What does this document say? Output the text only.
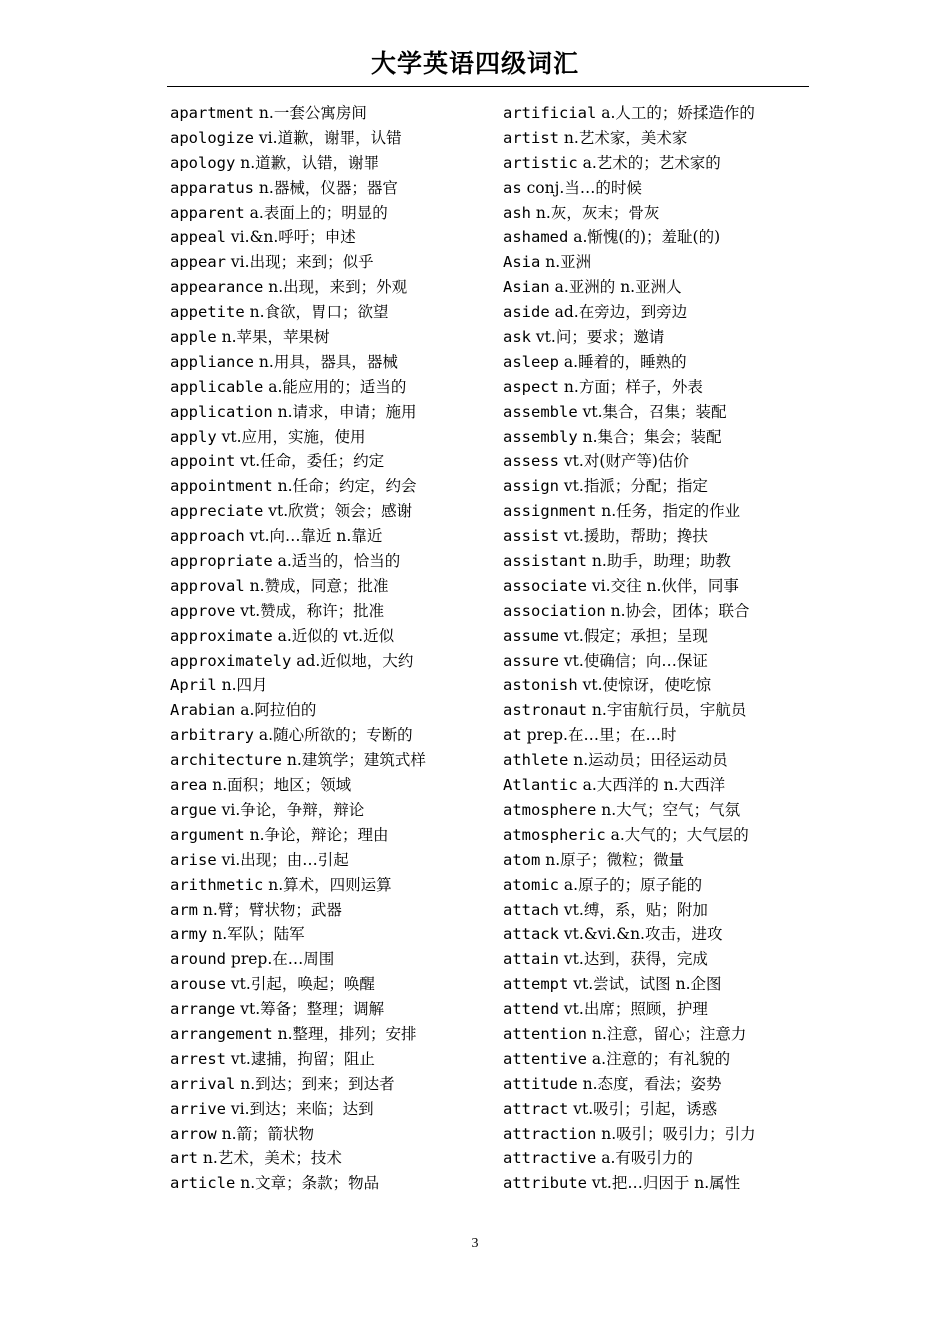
大学英语四级词汇
apartment n.一套公寓房间
apologize vi.道歉，谢罪，认错
apology n.道歉，认错，谢罪
apparatus n.器械，仪器；器官
apparent a.表面上的；明显的
appeal vi.&n.呼吁；申述
appear vi.出现；来到；似乎
appearance n.出现，来到；外观
appetite n.食欲，胃口；欲望
apple n.苹果，苹果树
appliance n.用具，器具，器械
applicable a.能应用的；适当的
application n.请求，申请；施用
apply vt.应用，实施，使用
appoint vt.任命，委任；约定
appointment n.任命；约定，约会
appreciate vt.欣赏；领会；感谢
approach vt.向…靠近 n.靠近
appropriate a.适当的，恰当的
approval n.赞成，同意；批准
approve vt.赞成，称许；批准
approximate a.近似的 vt.近似
approximately ad.近似地，大约
April n.四月
Arabian a.阿拉伯的
arbitrary a.随心所欲的；专断的
architecture n.建筑学；建筑式样
area n.面积；地区；领域
argue vi.争论，争辩，辩论
argument n.争论，辩论；理由
arise vi.出现；由…引起
arithmetic n.算术，四则运算
arm n.臂；臂状物；武器
army n.军队；陆军
around prep.在…周围
arouse vt.引起，唤起；唤醒
arrange vt.筹备；整理；调解
arrangement n.整理，排列；安排
arrest vt.逮捕，拘留；阻止
arrival n.到达；到来；到达者
arrive vi.到达；来临；达到
arrow n.箭；箭状物
art n.艺术，美术；技术
article n.文章；条款；物品
artificial a.人工的；娇揉造作的
artist n.艺术家，美术家
artistic a.艺术的；艺术家的
as conj.当…的时候
ash n.灰，灰末；骨灰
ashamed a.惭愧(的)；羞耻(的)
Asia n.亚洲
Asian a.亚洲的 n.亚洲人
aside ad.在旁边，到旁边
ask vt.问；要求；邀请
asleep a.睡着的，睡熟的
aspect n.方面；样子，外表
assemble vt.集合，召集；装配
assembly n.集合；集会；装配
assess vt.对(财产等)估价
assign vt.指派；分配；指定
assignment n.任务，指定的作业
assist vt.援助，帮助；搀扶
assistant n.助手，助理；助教
associate vi.交往 n.伙伴，同事
association n.协会，团体；联合
assume vt.假定；承担；呈现
assure vt.使确信；向…保证
astonish vt.使惊讶，使吃惊
astronaut n.宇宙航行员，宇航员
at prep.在…里；在…时
athlete n.运动员；田径运动员
Atlantic a.大西洋的 n.大西洋
atmosphere n.大气；空气；气氛
atmospheric a.大气的；大气层的
atom n.原子；微粒；微量
atomic a.原子的；原子能的
attach vt.缚，系，贴；附加
attack vt.&vi.&n.攻击，进攻
attain vt.达到，获得，完成
attempt vt.尝试，试图 n.企图
attend vt.出席；照顾，护理
attention n.注意，留心；注意力
attentive a.注意的；有礼貌的
attitude n.态度，看法；姿势
attract vt.吸引；引起，诱惑
attraction n.吸引；吸引力；引力
attractive a.有吸引力的
attribute vt.把…归因于 n.属性
3
